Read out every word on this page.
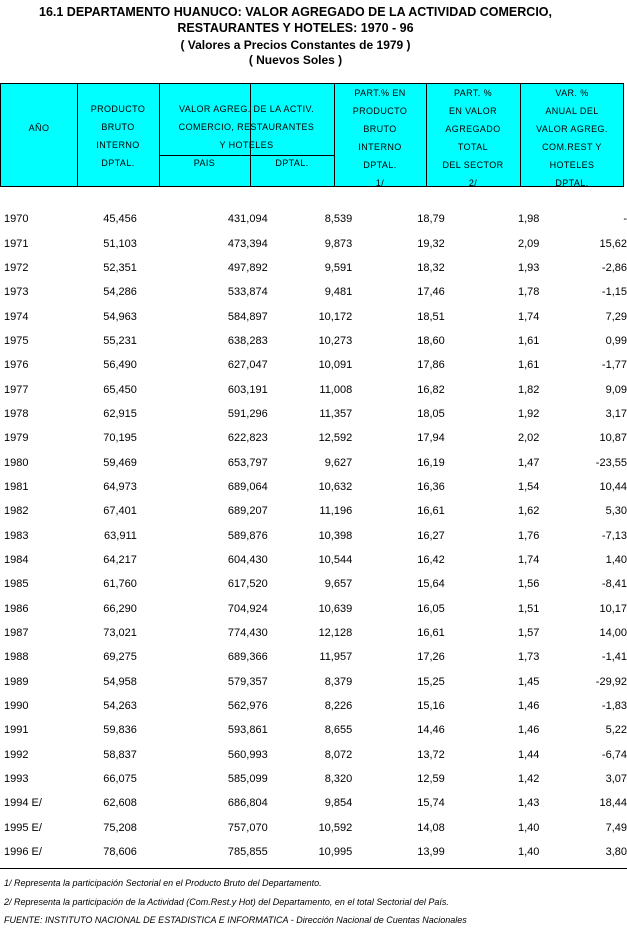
16.1 DEPARTAMENTO HUANUCO: VALOR AGREGADO DE LA ACTIVIDAD COMERCIO,
RESTAURANTES Y HOTELES: 1970 - 96
( Valores a Precios Constantes de 1979 )
( Nuevos Soles )
AÑO
PRODUCTO
BRUTO
INTERNO
DPTAL.
VALOR AGREG. DE LA ACTIV.
COMERCIO, RESTAURANTES
Y HOTELES
PAIS	DPTAL.
PART.% EN
PRODUCTO
BRUTO
INTERNO
DPTAL.
1/
PART. %
EN VALOR
AGREGADO
TOTAL
DEL SECTOR
2/
VAR. %
ANUAL DEL
VALOR AGREG.
COM.REST Y
HOTELES
DPTAL.
1970	45,456	431,094	8,539	18,79	1,98	-
1971	51,103	473,394	9,873	19,32	2,09	15,62
1972	52,351	497,892	9,591	18,32	1,93	-2,86
1973	54,286	533,874	9,481	17,46	1,78	-1,15
1974	54,963	584,897	10,172	18,51	1,74	7,29
1975	55,231	638,283	10,273	18,60	1,61	0,99
1976	56,490	627,047	10,091	17,86	1,61	-1,77
1977	65,450	603,191	11,008	16,82	1,82	9,09
1978	62,915	591,296	11,357	18,05	1,92	3,17
1979	70,195	622,823	12,592	17,94	2,02	10,87
1980	59,469	653,797	9,627	16,19	1,47	-23,55
1981	64,973	689,064	10,632	16,36	1,54	10,44
1982	67,401	689,207	11,196	16,61	1,62	5,30
1983	63,911	589,876	10,398	16,27	1,76	-7,13
1984	64,217	604,430	10,544	16,42	1,74	1,40
1985	61,760	617,520	9,657	15,64	1,56	-8,41
1986	66,290	704,924	10,639	16,05	1,51	10,17
1987	73,021	774,430	12,128	16,61	1,57	14,00
1988	69,275	689,366	11,957	17,26	1,73	-1,41
1989	54,958	579,357	8,379	15,25	1,45	-29,92
1990	54,263	562,976	8,226	15,16	1,46	-1,83
1991	59,836	593,861	8,655	14,46	1,46	5,22
1992	58,837	560,993	8,072	13,72	1,44	-6,74
1993	66,075	585,099	8,320	12,59	1,42	3,07
1994 E/	62,608	686,804	9,854	15,74	1,43	18,44
1995 E/	75,208	757,070	10,592	14,08	1,40	7,49
1996 E/	78,606	785,855	10,995	13,99	1,40	3,80
1/ Representa la participación Sectorial en el Producto Bruto del Departamento.
2/ Representa la participación de la Actividad (Com.Rest.y Hot) del Departamento, en el total Sectorial del País.
FUENTE: INSTITUTO NACIONAL DE ESTADISTICA E INFORMATICA - Dirección Nacional de Cuentas Nacionales
